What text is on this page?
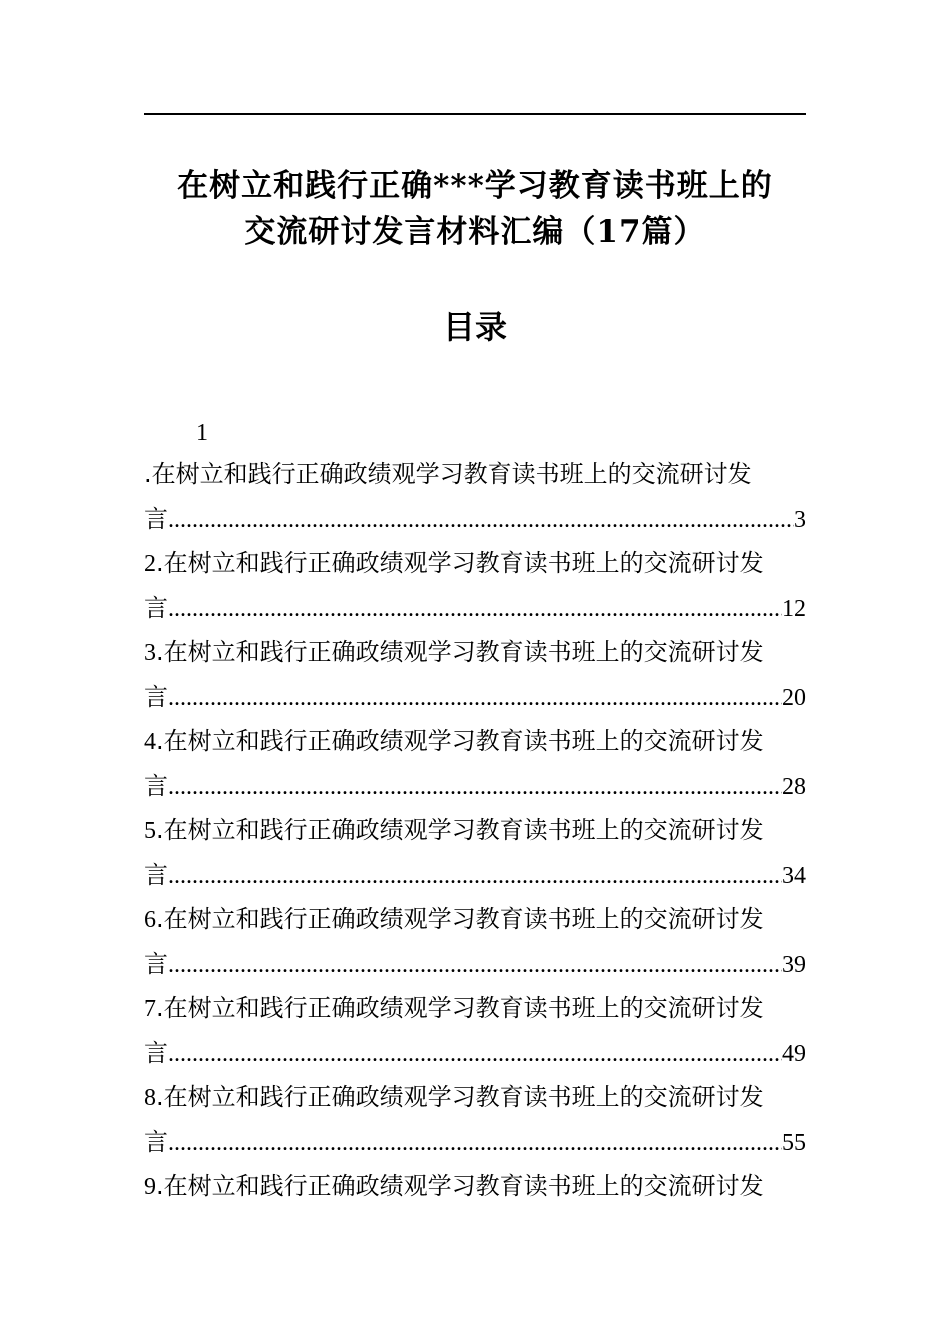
在树立和践行正确***学习教育读书班上的
交流研讨发言材料汇编（17篇）
目录
1
.在树立和践行正确政绩观学习教育读书班上的交流研讨发
言 .....	3
2.在树立和践行正确政绩观学习教育读书班上的交流研讨发
言 .....	12
3.在树立和践行正确政绩观学习教育读书班上的交流研讨发
言 .....	20
4.在树立和践行正确政绩观学习教育读书班上的交流研讨发
言 .....	28
5.在树立和践行正确政绩观学习教育读书班上的交流研讨发
言 .....	34
6.在树立和践行正确政绩观学习教育读书班上的交流研讨发
言 .....	39
7.在树立和践行正确政绩观学习教育读书班上的交流研讨发
言 .....	49
8.在树立和践行正确政绩观学习教育读书班上的交流研讨发
言 .....	55
9.在树立和践行正确政绩观学习教育读书班上的交流研讨发
